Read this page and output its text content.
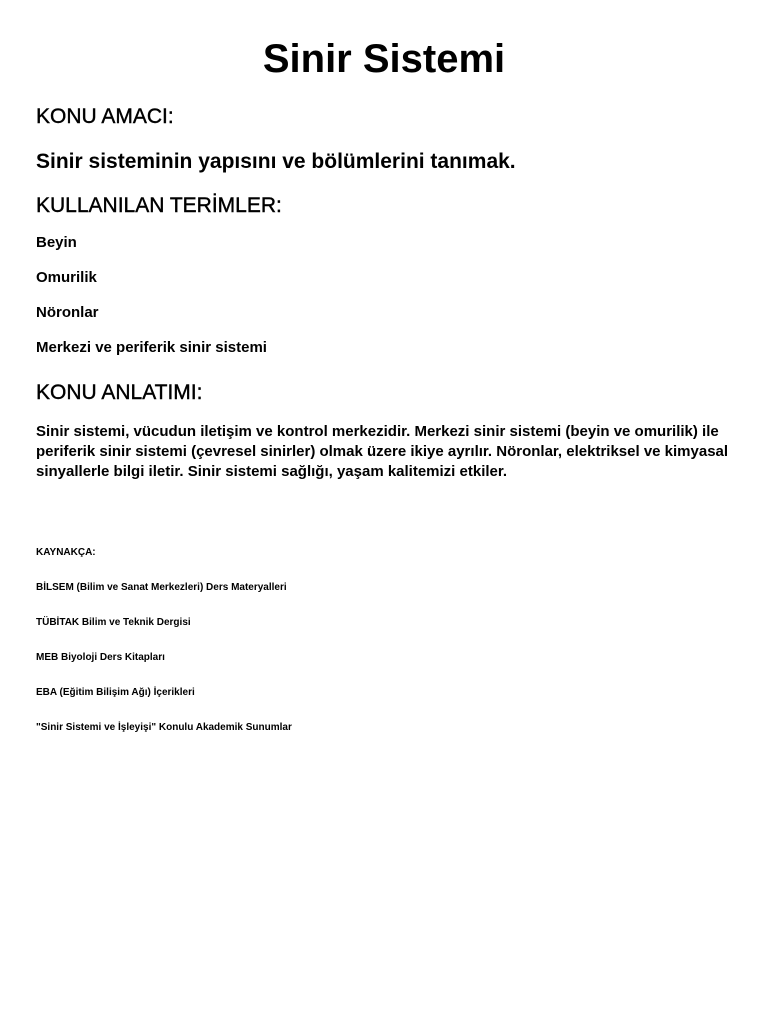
Sinir Sistemi
KONU AMACI:

Sinir sisteminin yapısını ve bölümlerini tanımak.

KULLANILAN TERİMLER:

Beyin

Omurilik

Nöronlar

Merkezi ve periferik sinir sistemi

KONU ANLATIMI:

Sinir sistemi, vücudun iletişim ve kontrol merkezidir. Merkezi sinir sistemi (beyin ve omurilik) ile periferik sinir sistemi (çevresel sinirler) olmak üzere ikiye ayrılır. Nöronlar, elektriksel ve kimyasal sinyallerle bilgi iletir. Sinir sistemi sağlığı, yaşam kalitemizi etkiler.

KAYNAKÇA:

BİLSEM (Bilim ve Sanat Merkezleri) Ders Materyalleri

TÜBİTAK Bilim ve Teknik Dergisi

MEB Biyoloji Ders Kitapları

EBA (Eğitim Bilişim Ağı) İçerikleri

"Sinir Sistemi ve İşleyişi" Konulu Akademik Sunumlar
